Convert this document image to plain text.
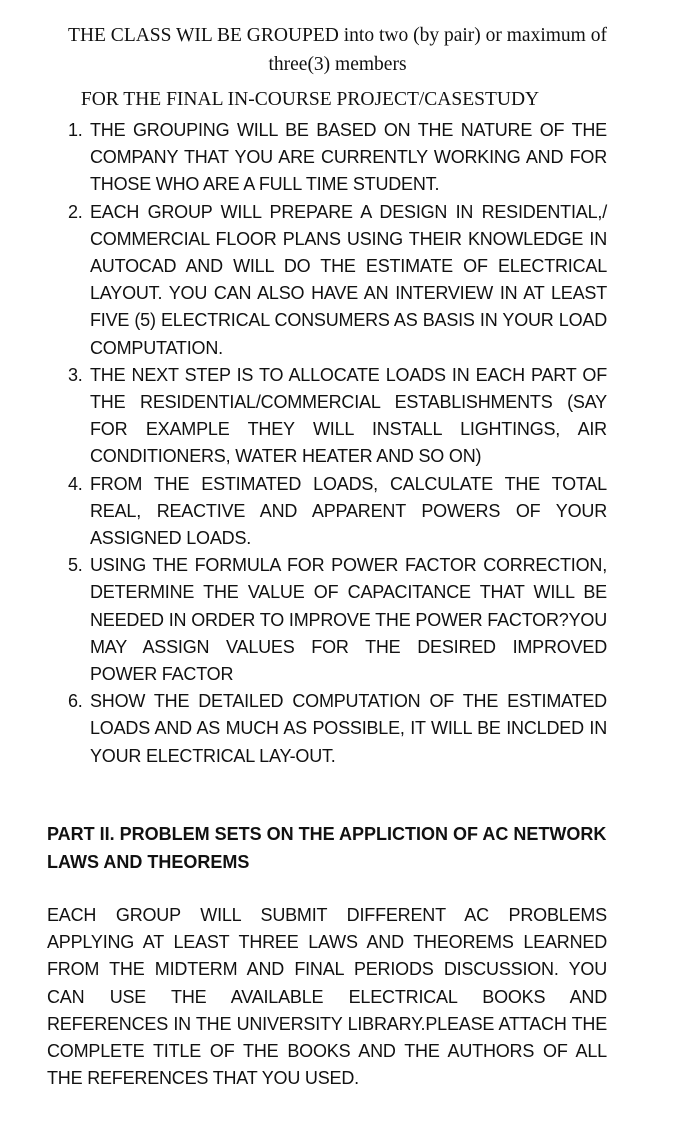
THE CLASS WIL BE GROUPED into two (by pair) or maximum of three(3) members
FOR THE FINAL IN-COURSE PROJECT/CASESTUDY
1. THE GROUPING WILL BE BASED ON THE NATURE OF THE COMPANY THAT YOU ARE CURRENTLY WORKING AND FOR THOSE WHO ARE A FULL TIME STUDENT.
2. EACH GROUP WILL PREPARE A DESIGN IN RESIDENTIAL,/ COMMERCIAL FLOOR PLANS USING THEIR KNOWLEDGE IN AUTOCAD AND WILL DO THE ESTIMATE OF ELECTRICAL LAYOUT. YOU CAN ALSO HAVE AN INTERVIEW IN AT LEAST FIVE (5) ELECTRICAL CONSUMERS AS BASIS IN YOUR LOAD COMPUTATION.
3. THE NEXT STEP IS TO ALLOCATE LOADS IN EACH PART OF THE RESIDENTIAL/COMMERCIAL ESTABLISHMENTS (SAY FOR EXAMPLE THEY WILL INSTALL LIGHTINGS, AIR CONDITIONERS, WATER HEATER AND SO ON)
4. FROM THE ESTIMATED LOADS, CALCULATE THE TOTAL REAL, REACTIVE AND APPARENT POWERS OF YOUR ASSIGNED LOADS.
5. USING THE FORMULA FOR POWER FACTOR CORRECTION, DETERMINE THE VALUE OF CAPACITANCE THAT WILL BE NEEDED IN ORDER TO IMPROVE THE POWER FACTOR?YOU MAY ASSIGN VALUES FOR THE DESIRED IMPROVED POWER FACTOR
6. SHOW THE DETAILED COMPUTATION OF THE ESTIMATED LOADS AND AS MUCH AS POSSIBLE, IT WILL BE INCLDED IN YOUR ELECTRICAL LAY-OUT.
PART II. PROBLEM SETS ON THE APPLICTION OF AC NETWORK LAWS AND THEOREMS
EACH GROUP WILL SUBMIT DIFFERENT AC PROBLEMS APPLYING AT LEAST THREE LAWS AND THEOREMS LEARNED FROM THE MIDTERM AND FINAL PERIODS DISCUSSION. YOU CAN USE THE AVAILABLE ELECTRICAL BOOKS AND REFERENCES IN THE UNIVERSITY LIBRARY.PLEASE ATTACH THE COMPLETE TITLE OF THE BOOKS AND THE AUTHORS OF ALL THE REFERENCES THAT YOU USED.
